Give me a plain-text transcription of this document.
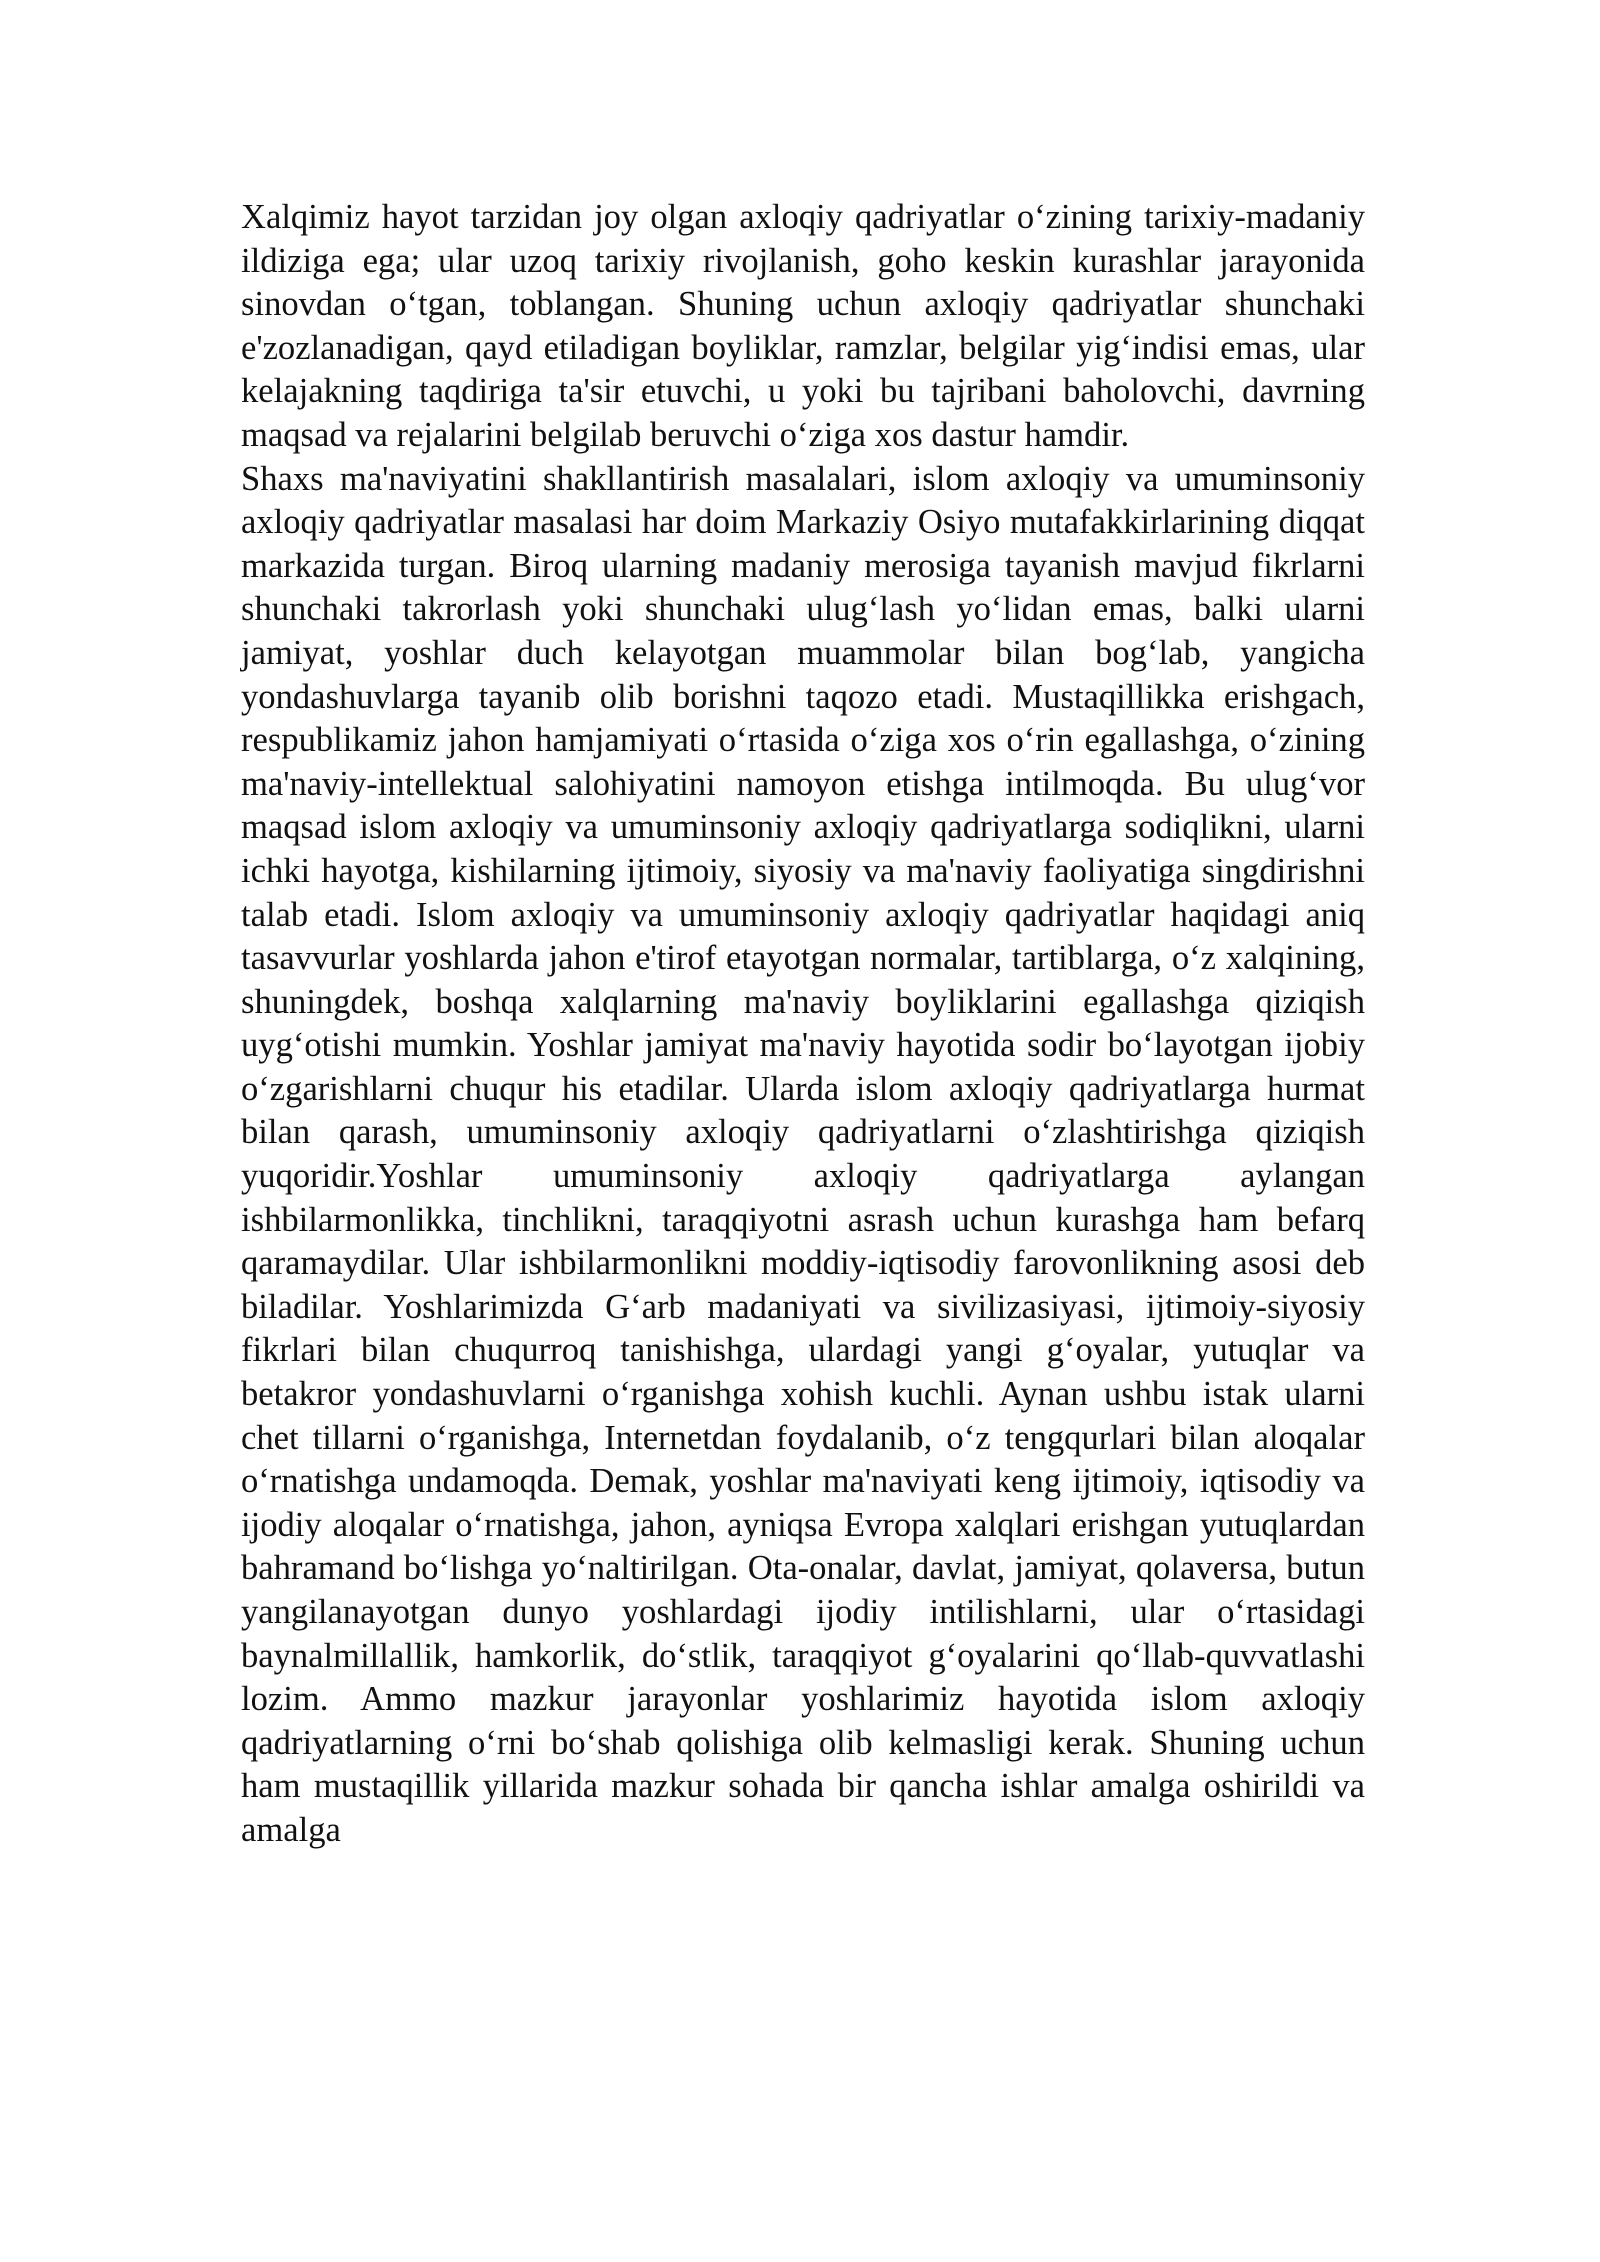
Xalqimiz hayot tarzidan joy olgan axloqiy qadriyatlar o‘zining tarixiy-madaniy ildiziga ega; ular uzoq tarixiy rivojlanish, goho keskin kurashlar jarayonida sinovdan o‘tgan, toblangan. Shuning uchun axloqiy qadriyatlar shunchaki e'zozlanadigan, qayd etiladigan boyliklar, ramzlar, belgilar yig‘indisi emas, ular kelajakning taqdiriga ta'sir etuvchi, u yoki bu tajribani baholovchi, davrning maqsad va rejalarini belgilab beruvchi o‘ziga xos dastur hamdir.

Shaxs ma'naviyatini shakllantirish masalalari, islom axloqiy va umuminsoniy axloqiy qadriyatlar masalasi har doim Markaziy Osiyo mutafakkirlarining diqqat markazida turgan. Biroq ularning madaniy merosiga tayanish mavjud fikrlarni shunchaki takrorlash yoki shunchaki ulug‘lash yo‘lidan emas, balki ularni jamiyat, yoshlar duch kelayotgan muammolar bilan bog‘lab, yangicha yondashuvlarga tayanib olib borishni taqozo etadi. Mustaqillikka erishgach, respublikamiz jahon hamjamiyati o‘rtasida o‘ziga xos o‘rin egallashga, o‘zining ma'naviy-intellektual salohiyatini namoyon etishga intilmoqda. Bu ulug‘vor maqsad islom axloqiy va umuminsoniy axloqiy qadriyatlarga sodiqlikni, ularni ichki hayotga, kishilarning ijtimoiy, siyosiy va ma'naviy faoliyatiga singdirishni talab etadi. Islom axloqiy va umuminsoniy axloqiy qadriyatlar haqidagi aniq tasavvurlar yoshlarda jahon e'tirof etayotgan normalar, tartiblarga, o‘z xalqining, shuningdek, boshqa xalqlarning ma'naviy boyliklarini egallashga qiziqish uyg‘otishi mumkin. Yoshlar jamiyat ma'naviy hayotida sodir bo‘layotgan ijobiy o‘zgarishlarni chuqur his etadilar. Ularda islom axloqiy qadriyatlarga hurmat bilan qarash, umuminsoniy axloqiy qadriyatlarni o‘zlashtirishga qiziqish yuqoridir.Yoshlar umuminsoniy axloqiy qadriyatlarga aylangan ishbilarmonlikka, tinchlikni, taraqqiyotni asrash uchun kurashga ham befarq qaramaydilar. Ular ishbilarmonlikni moddiy-iqtisodiy farovonlikning asosi deb biladilar. Yoshlarimizda G‘arb madaniyati va sivilizasiyasi, ijtimoiy-siyosiy fikrlari bilan chuqurroq tanishishga, ulardagi yangi g‘oyalar, yutuqlar va betakror yondashuvlarni o‘rganishga xohish kuchli. Aynan ushbu istak ularni chet tillarni o‘rganishga, Internetdan foydalanib, o‘z tengqurlari bilan aloqalar o‘rnatishga undamoqda. Demak, yoshlar ma'naviyati keng ijtimoiy, iqtisodiy va ijodiy aloqalar o‘rnatishga, jahon, ayniqsa Evropa xalqlari erishgan yutuqlardan bahramand bo‘lishga yo‘naltirilgan. Ota-onalar, davlat, jamiyat, qolaversa, butun yangilanayotgan dunyo yoshlardagi ijodiy intilishlarni, ular o‘rtasidagi baynalmillallik, hamkorlik, do‘stlik, taraqqiyot g‘oyalarini qo‘llab-quvvatlashi lozim. Ammo mazkur jarayonlar yoshlarimiz hayotida islom axloqiy qadriyatlarning o‘rni bo‘shab qolishiga olib kelmasligi kerak. Shuning uchun ham mustaqillik yillarida mazkur sohada bir qancha ishlar amalga oshirildi va amalga
